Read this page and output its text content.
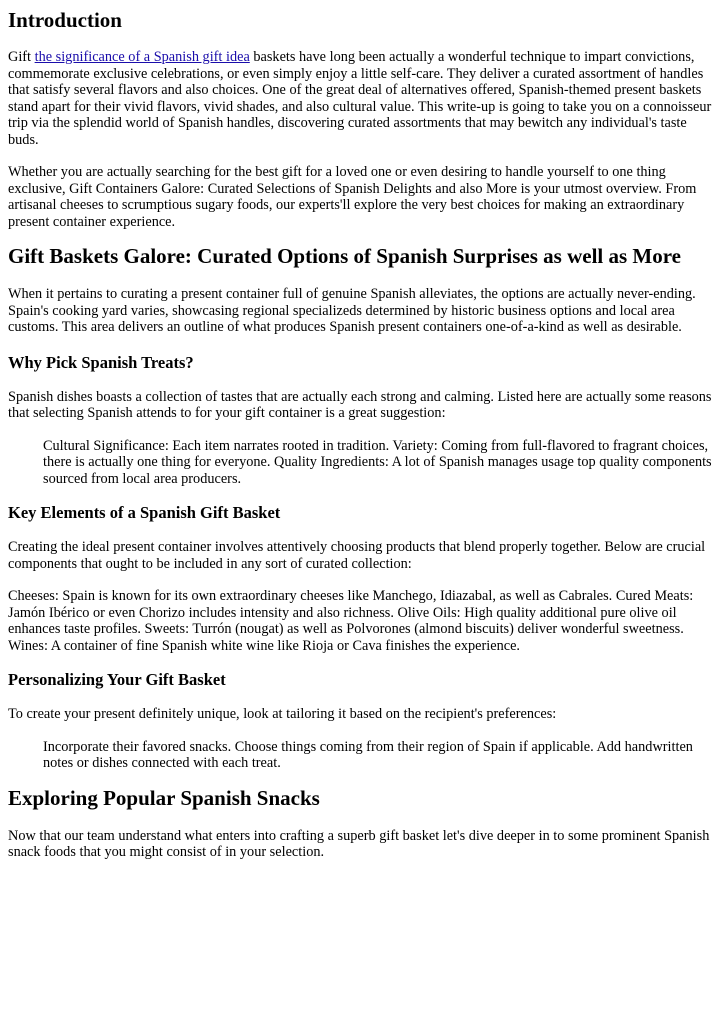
Introduction

Gift the significance of a Spanish gift idea baskets have long been actually a wonderful technique to impart convictions, commemorate exclusive celebrations, or even simply enjoy a little self-care. They deliver a curated assortment of handles that satisfy several flavors and also choices. One of the great deal of alternatives offered, Spanish-themed present baskets stand apart for their vivid flavors, vivid shades, and also cultural value. This write-up is going to take you on a connoisseur trip via the splendid world of Spanish handles, discovering curated assortments that may bewitch any individual's taste buds.

Whether you are actually searching for the best gift for a loved one or even desiring to handle yourself to one thing exclusive, Gift Containers Galore: Curated Selections of Spanish Delights and also More is your utmost overview. From artisanal cheeses to scrumptious sugary foods, our experts'll explore the very best choices for making an extraordinary present container experience.

Gift Baskets Galore: Curated Options of Spanish Surprises as well as More

When it pertains to curating a present container full of genuine Spanish alleviates, the options are actually never-ending. Spain's cooking yard varies, showcasing regional specializeds determined by historic business options and local area customs. This area delivers an outline of what produces Spanish present containers one-of-a-kind as well as desirable.

Why Pick Spanish Treats?

Spanish dishes boasts a collection of tastes that are actually each strong and calming. Listed here are actually some reasons that selecting Spanish attends to for your gift container is a great suggestion:

Cultural Significance: Each item narrates rooted in tradition. Variety: Coming from full-flavored to fragrant choices, there is actually one thing for everyone. Quality Ingredients: A lot of Spanish manages usage top quality components sourced from local area producers.
Key Elements of a Spanish Gift Basket

Creating the ideal present container involves attentively choosing products that blend properly together. Below are crucial components that ought to be included in any sort of curated collection:

Cheeses: Spain is known for its own extraordinary cheeses like Manchego, Idiazabal, as well as Cabrales. Cured Meats: Jamón Ibérico or even Chorizo includes intensity and also richness. Olive Oils: High quality additional pure olive oil enhances taste profiles. Sweets: Turrón (nougat) as well as Polvorones (almond biscuits) deliver wonderful sweetness. Wines: A container of fine Spanish white wine like Rioja or Cava finishes the experience.

Personalizing Your Gift Basket

To create your present definitely unique, look at tailoring it based on the recipient's preferences:

Incorporate their favored snacks. Choose things coming from their region of Spain if applicable. Add handwritten notes or dishes connected with each treat.
Exploring Popular Spanish Snacks

Now that our team understand what enters into crafting a superb gift basket let's dive deeper in to some prominent Spanish snack foods that you might consist of in your selection.
